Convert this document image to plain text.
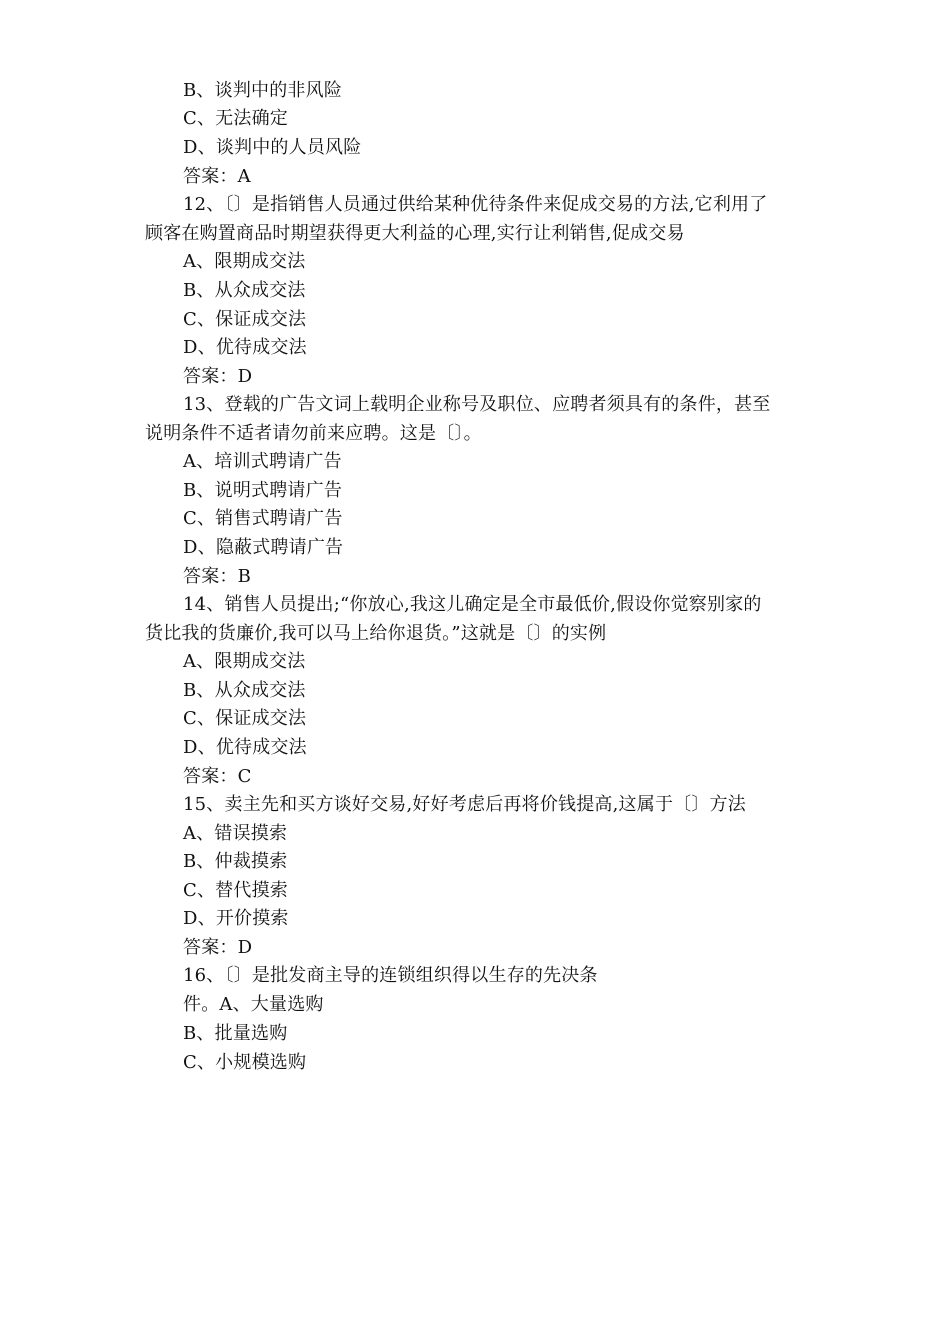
B、谈判中的非风险
C、无法确定
D、谈判中的人员风险
答案：A
12、〔〕是指销售人员通过供给某种优待条件来促成交易的方法,它利用了
顾客在购置商品时期望获得更大利益的心理,实行让利销售,促成交易
A、限期成交法
B、从众成交法
C、保证成交法
D、优待成交法
答案：D
13、登载的广告文词上载明企业称号及职位、应聘者须具有的条件，甚至
说明条件不适者请勿前来应聘。这是〔〕。
A、培训式聘请广告
B、说明式聘请广告
C、销售式聘请广告
D、隐蔽式聘请广告
答案：B
14、销售人员提出;“你放心,我这儿确定是全市最低价,假设你觉察别家的
货比我的货廉价,我可以马上给你退货。”这就是〔〕的实例
A、限期成交法
B、从众成交法
C、保证成交法
D、优待成交法
答案：C
15、卖主先和买方谈好交易,好好考虑后再将价钱提高,这属于〔〕方法
A、错误摸索
B、仲裁摸索
C、替代摸索
D、开价摸索
答案：D
16、〔〕是批发商主导的连锁组织得以生存的先决条
件。A、大量选购
B、批量选购
C、小规模选购
